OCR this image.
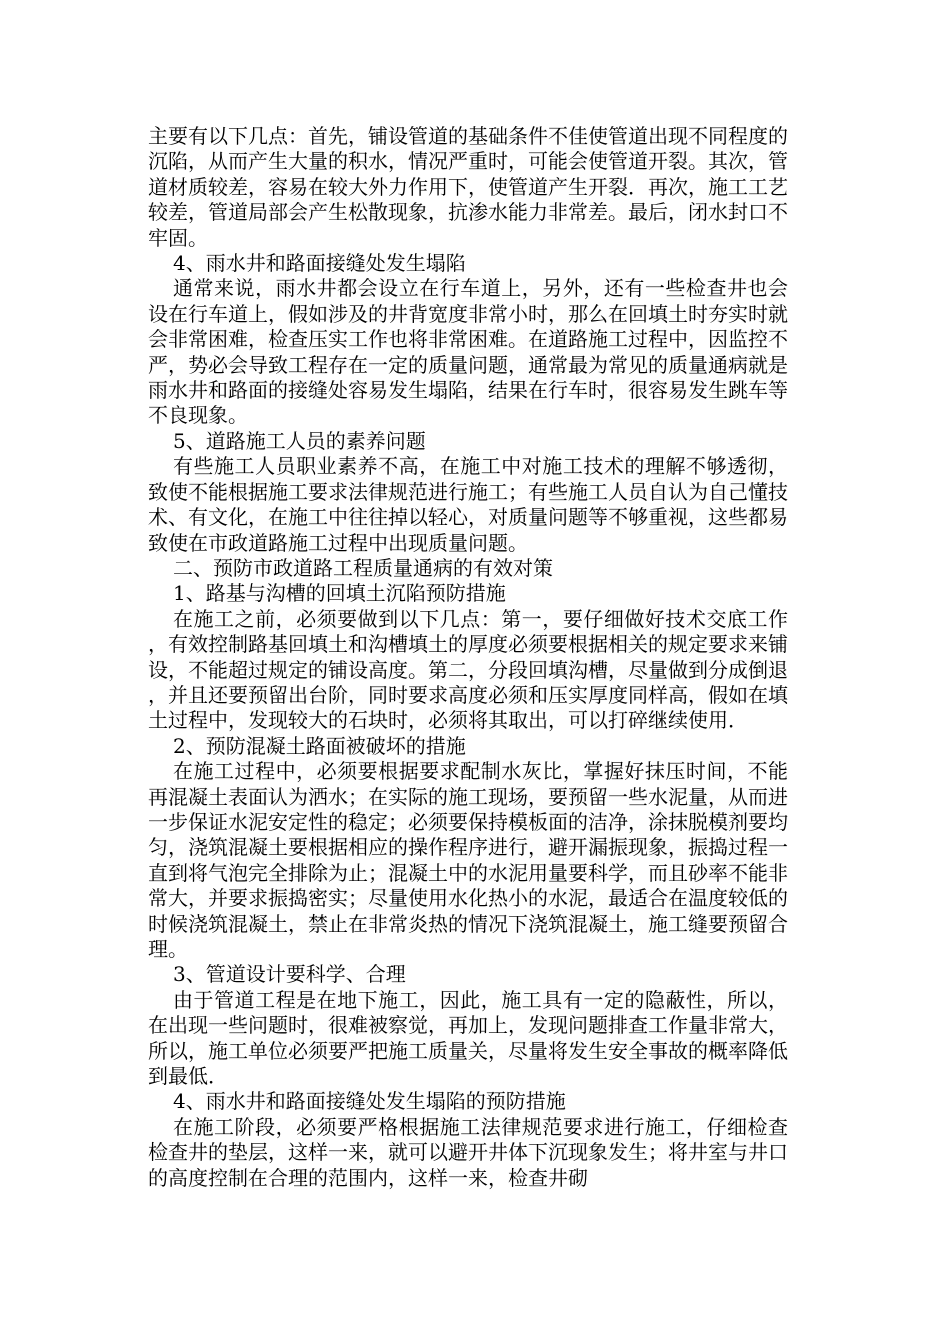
主要有以下几点：首先，铺设管道的基础条件不佳使管道出现不同程度的沉陷，从而产生大量的积水，情况严重时，可能会使管道开裂。其次，管道材质较差，容易在较大外力作用下，使管道产生开裂．再次，施工工艺较差，管道局部会产生松散现象，抗渗水能力非常差。最后，闭水封口不牢固。

4、雨水井和路面接缝处发生塌陷

通常来说，雨水井都会设立在行车道上，另外，还有一些检查井也会设在行车道上，假如涉及的井背宽度非常小时，那么在回填土时夯实时就会非常困难，检查压实工作也将非常困难。在道路施工过程中，因监控不严，势必会导致工程存在一定的质量问题，通常最为常见的质量通病就是雨水井和路面的接缝处容易发生塌陷，结果在行车时，很容易发生跳车等不良现象。

5、道路施工人员的素养问题

有些施工人员职业素养不高，在施工中对施工技术的理解不够透彻，致使不能根据施工要求法律规范进行施工；有些施工人员自认为自己懂技术、有文化，在施工中往往掉以轻心，对质量问题等不够重视，这些都易致使在市政道路施工过程中出现质量问题。

二、预防市政道路工程质量通病的有效对策

1、路基与沟槽的回填土沉陷预防措施

在施工之前，必须要做到以下几点：第一，要仔细做好技术交底工作，有效控制路基回填土和沟槽填土的厚度必须要根据相关的规定要求来铺设，不能超过规定的铺设高度。第二，分段回填沟槽，尽量做到分成倒退，并且还要预留出台阶，同时要求高度必须和压实厚度同样高，假如在填土过程中，发现较大的石块时，必须将其取出，可以打碎继续使用．

2、预防混凝土路面被破坏的措施

在施工过程中，必须要根据要求配制水灰比，掌握好抹压时间，不能再混凝土表面认为洒水；在实际的施工现场，要预留一些水泥量，从而进一步保证水泥安定性的稳定；必须要保持模板面的洁净，涂抹脱模剂要均匀，浇筑混凝土要根据相应的操作程序进行，避开漏振现象，振捣过程一直到将气泡完全排除为止；混凝土中的水泥用量要科学，而且砂率不能非常大，并要求振捣密实；尽量使用水化热小的水泥，最适合在温度较低的时候浇筑混凝土，禁止在非常炎热的情况下浇筑混凝土，施工缝要预留合理。

3、管道设计要科学、合理

由于管道工程是在地下施工，因此，施工具有一定的隐蔽性，所以，在出现一些问题时，很难被察觉，再加上，发现问题排查工作量非常大，所以，施工单位必须要严把施工质量关，尽量将发生安全事故的概率降低到最低．

4、雨水井和路面接缝处发生塌陷的预防措施

在施工阶段，必须要严格根据施工法律规范要求进行施工，仔细检查检查井的垫层，这样一来，就可以避开井体下沉现象发生；将井室与井口的高度控制在合理的范围内，这样一来，检查井砌
